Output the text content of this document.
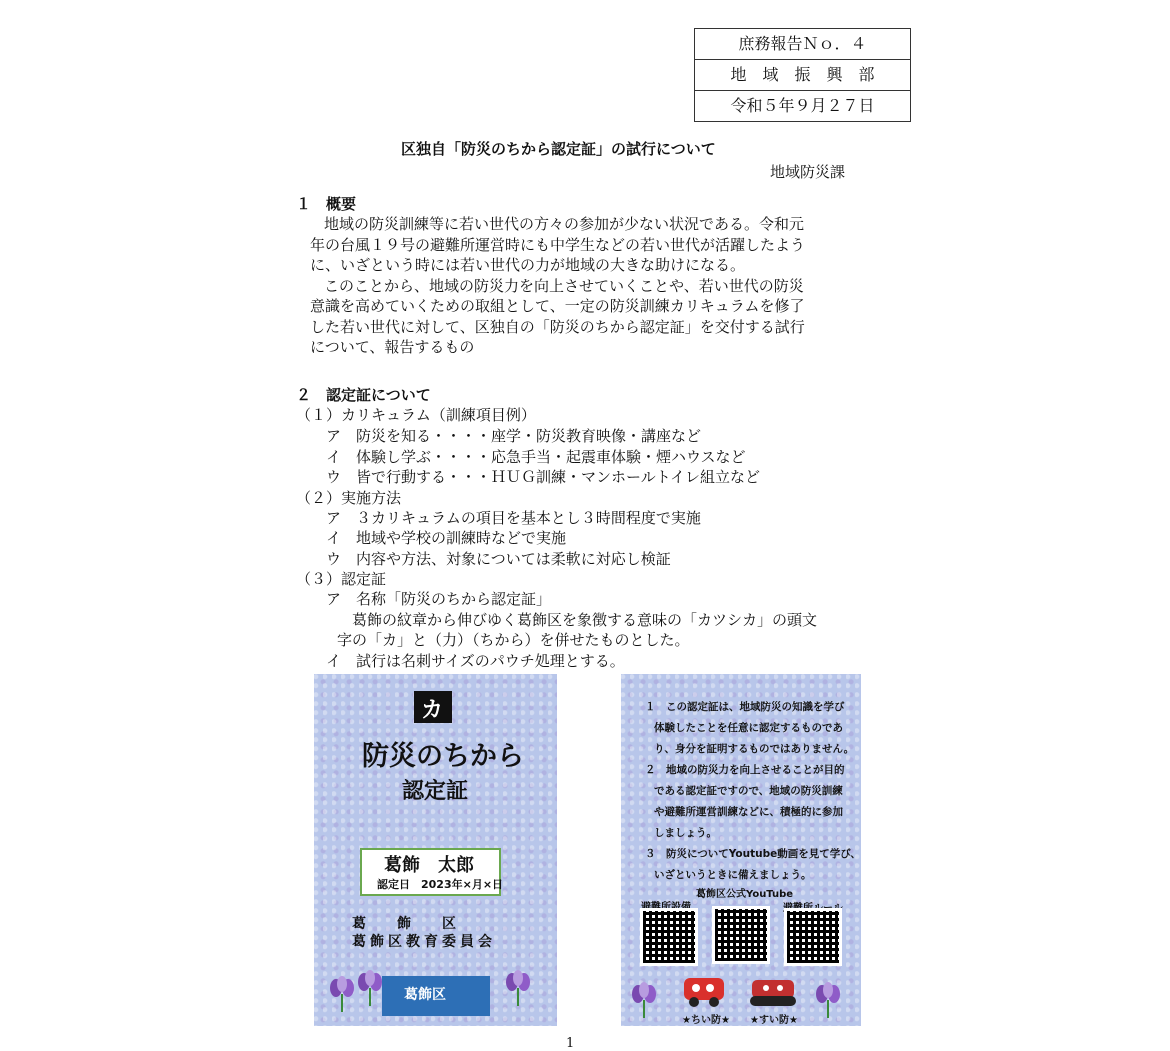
庶務報告Ｎｏ．４
地　域　振　興　部
令和５年９月２７日
区独自「防災のちから認定証」の試行について
地域防災課
１　概要
地域の防災訓練等に若い世代の方々の参加が少ない状況である。令和元
年の台風１９号の避難所運営時にも中学生などの若い世代が活躍したよう
に、いざという時には若い世代の力が地域の大きな助けになる。
このことから、地域の防災力を向上させていくことや、若い世代の防災
意識を高めていくための取組として、一定の防災訓練カリキュラムを修了
した若い世代に対して、区独自の「防災のちから認定証」を交付する試行
について、報告するもの
２　認定証について
（１）カリキュラム（訓練項目例）
ア　防災を知る・・・・座学・防災教育映像・講座など
イ　体験し学ぶ・・・・応急手当・起震車体験・煙ハウスなど
ウ　皆で行動する・・・ＨＵＧ訓練・マンホールトイレ組立など
（２）実施方法
ア　３カリキュラムの項目を基本とし３時間程度で実施
イ　地域や学校の訓練時などで実施
ウ　内容や方法、対象については柔軟に対応し検証
（３）認定証
ア　名称「防災のちから認定証」
葛飾の紋章から伸びゆく葛飾区を象徴する意味の「カツシカ」の頭文
字の「カ」と（力）（ちから）を併せたものとした。
イ　試行は名刺サイズのパウチ処理とする。
カ
防災のちから
認定証
葛飾　太郎
認定日　2023年×月×日
葛　　飾　　区
葛飾区教育委員会
葛飾区
１　この認定証は、地域防災の知識を学び
体験したことを任意に認定するものであ
り、身分を証明するものではありません。
２　地域の防災力を向上させることが目的
である認定証ですので、地域の防災訓練
や避難所運営訓練などに、積極的に参加
しましょう。
３　防災についてYoutube動画を見て学び、
いざというときに備えましょう。
葛飾区公式YouTube
★ちい防★ ★すい防★
1
